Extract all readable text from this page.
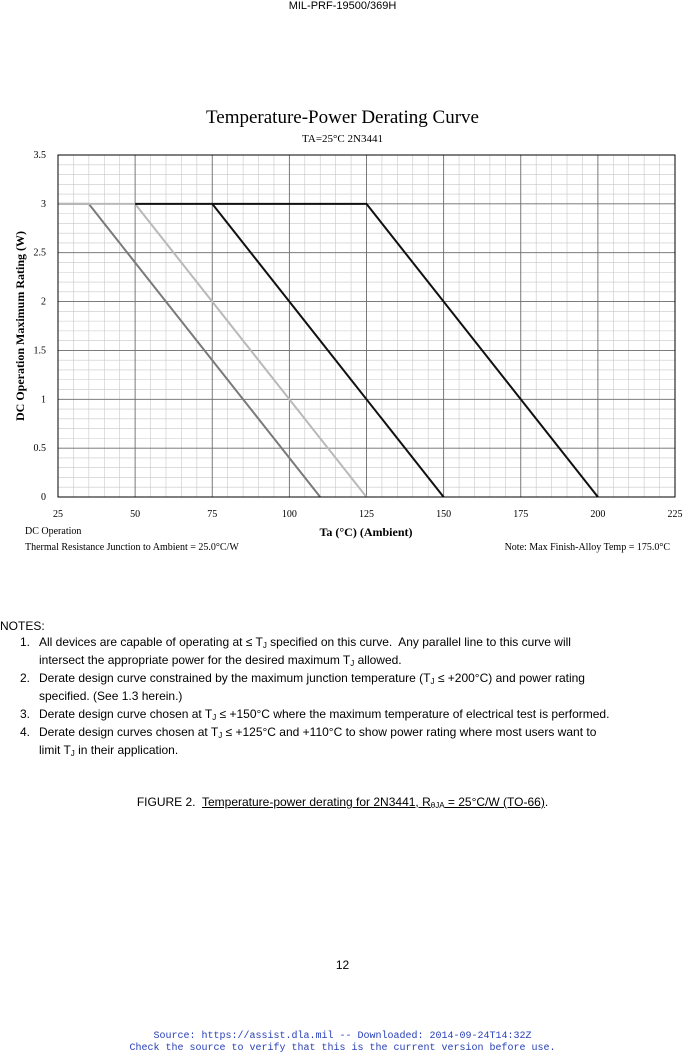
MIL-PRF-19500/369H
Temperature-Power Derating Curve
TA=25°C 2N3441
25	50	75	100	125	150	175	200	225
0
0.5
1
1.5
2
2.5
3
3.5
DC Operation Maximum Rating (W)
Ta (°C) (Ambient)
DC Operation
Thermal Resistance Junction to Ambient = 25.0°C/W	Note: Max Finish-Alloy Temp = 175.0°C
NOTES:
1. All devices are capable of operating at ≤ $T_J$ specified on this curve.  Any parallel line to this curve will
intersect the appropriate power for the desired maximum $T_J$ allowed.
2. Derate design curve constrained by the maximum junction temperature $(T_J \le +200^\circ C)$ and power rating
specified. (See 1.3 herein.)
3. Derate design curve chosen at $T_J \le +150^\circ C$ where the maximum temperature of electrical test is performed.
4. Derate design curves chosen at $T_J \le +125^\circ C$ and +110°C to show power rating where most users want to
limit $T_J$ in their application.
FIGURE 2. Temperature-power derating for 2N3441, $R_{\theta JA} = 25^\circ C/W$ (TO-66).
12
Source: https://assist.dla.mil -- Downloaded: 2014-09-24T14:32Z
Check the source to verify that this is the current version before use.
